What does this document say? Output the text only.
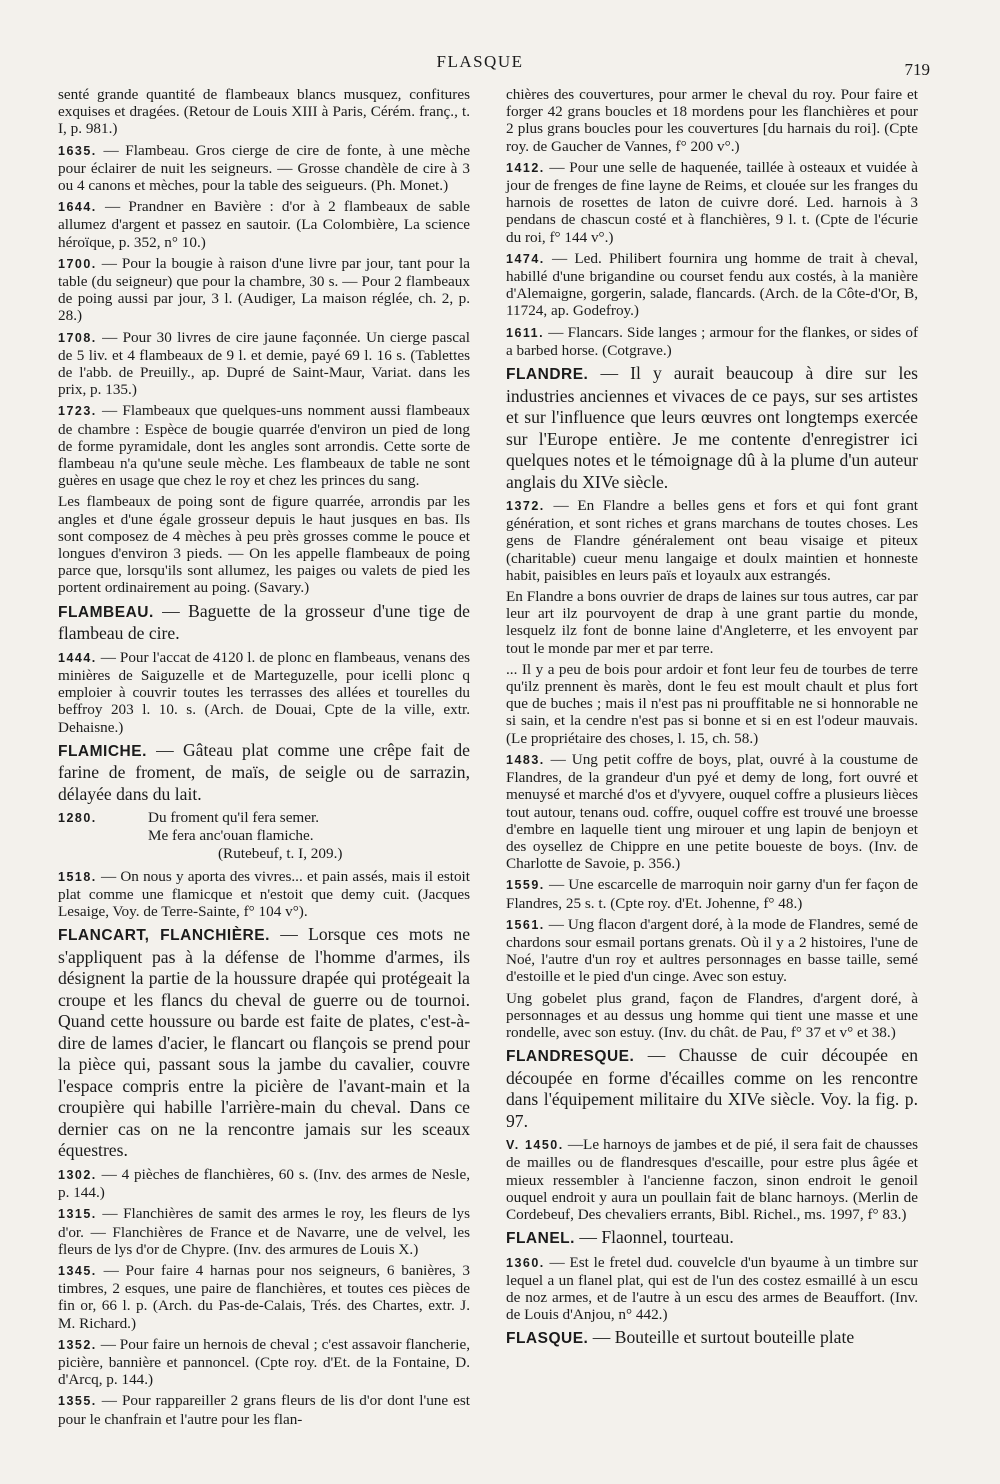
FLASQUE	719

senté grande quantité de flambeaux blancs musquez, confitures exquises et dragées. (Retour de Louis XIII à Paris, Cérém. franç., t. I, p. 981.)

1635. — Flambeau. Gros cierge de cire de fonte, à une mèche pour éclairer de nuit les seigneurs. — Grosse chandèle de cire à 3 ou 4 canons et mèches, pour la table des seigueurs. (Ph. Monet.)

1644. — Prandner en Bavière : d'or à 2 flambeaux de sable allumez d'argent et passez en sautoir. (La Colombière, La science héroïque, p. 352, n° 10.)

1700. — Pour la bougie à raison d'une livre par jour, tant pour la table (du seigneur) que pour la chambre, 30 s. — Pour 2 flambeaux de poing aussi par jour, 3 l. (Audiger, La maison réglée, ch. 2, p. 28.)

1708. — Pour 30 livres de cire jaune façonnée. Un cierge pascal de 5 liv. et 4 flambeaux de 9 l. et demie, payé 69 l. 16 s. (Tablettes de l'abb. de Preuilly., ap. Dupré de Saint-Maur, Variat. dans les prix, p. 135.)

1723. — Flambeaux que quelques-uns nomment aussi flambeaux de chambre : Espèce de bougie quarrée d'environ un pied de long de forme pyramidale, dont les angles sont arrondis. Cette sorte de flambeau n'a qu'une seule mèche. Les flambeaux de table ne sont guères en usage que chez le roy et chez les princes du sang.

Les flambeaux de poing sont de figure quarrée, arrondis par les angles et d'une égale grosseur depuis le haut jusques en bas. Ils sont composez de 4 mèches à peu près grosses comme le pouce et longues d'environ 3 pieds. — On les appelle flambeaux de poing parce que, lorsqu'ils sont allumez, les paiges ou valets de pied les portent ordinairement au poing. (Savary.)

FLAMBEAU. — Baguette de la grosseur d'une tige de flambeau de cire.

1444. — Pour l'accat de 4120 l. de plonc en flambeaus, venans des minières de Saiguzelle et de Marteguzelle, pour icelli plonc q emploier à couvrir toutes les terrasses des allées et tourelles du beffroy 203 l. 10. s. (Arch. de Douai, Cpte de la ville, extr. Dehaisne.)

FLAMICHE. — Gâteau plat comme une crêpe fait de farine de froment, de maïs, de seigle ou de sarrazin, délayée dans du lait.

1280.	Du froment qu'il fera semer.
Me fera anc'ouan flamiche.
(Rutebeuf, t. I, 209.)

1518. — On nous y aporta des vivres... et pain assés, mais il estoit plat comme une flamicque et n'estoit que demy cuit. (Jacques Lesaige, Voy. de Terre-Sainte, f° 104 v°).

FLANCART, FLANCHIÈRE. — Lorsque ces mots ne s'appliquent pas à la défense de l'homme d'armes, ils désignent la partie de la houssure drapée qui protégeait la croupe et les flancs du cheval de guerre ou de tournoi. Quand cette houssure ou barde est faite de plates, c'est-à-dire de lames d'acier, le flancart ou flançois se prend pour la pièce qui, passant sous la jambe du cavalier, couvre l'espace compris entre la picière de l'avant-main et la croupière qui habille l'arrière-main du cheval. Dans ce dernier cas on ne la rencontre jamais sur les sceaux équestres.

1302. — 4 pièches de flanchières, 60 s. (Inv. des armes de Nesle, p. 144.)

1315. — Flanchières de samit des armes le roy, les fleurs de lys d'or. — Flanchières de France et de Navarre, une de velvel, les fleurs de lys d'or de Chypre. (Inv. des armures de Louis X.)

1345. — Pour faire 4 harnas pour nos seigneurs, 6 banières, 3 timbres, 2 esques, une paire de flanchières, et toutes ces pièces de fin or, 66 l. p. (Arch. du Pas-de-Calais, Trés. des Chartes, extr. J. M. Richard.)

1352. — Pour faire un hernois de cheval ; c'est assavoir flancherie, picière, bannière et pannoncel. (Cpte roy. d'Et. de la Fontaine, D. d'Arcq, p. 144.)

1355. — Pour rappareiller 2 grans fleurs de lis d'or dont l'une est pour le chanfrain et l'autre pour les flan-

chières des couvertures, pour armer le cheval du roy. Pour faire et forger 42 grans boucles et 18 mordens pour les flanchières et pour 2 plus grans boucles pour les couvertures [du harnais du roi]. (Cpte roy. de Gaucher de Vannes, f° 200 v°.)

1412. — Pour une selle de haquenée, taillée à osteaux et vuidée à jour de frenges de fine layne de Reims, et clouée sur les franges du harnois de rosettes de laton de cuivre doré. Led. harnois à 3 pendans de chascun costé et à flanchières, 9 l. t. (Cpte de l'écurie du roi, f° 144 v°.)

1474. — Led. Philibert fournira ung homme de trait à cheval, habillé d'une brigandine ou courset fendu aux costés, à la manière d'Alemaigne, gorgerin, salade, flancards. (Arch. de la Côte-d'Or, B, 11724, ap. Godefroy.)

1611. — Flancars. Side langes ; armour for the flankes, or sides of a barbed horse. (Cotgrave.)

FLANDRE. — Il y aurait beaucoup à dire sur les industries anciennes et vivaces de ce pays, sur ses artistes et sur l'influence que leurs œuvres ont longtemps exercée sur l'Europe entière. Je me contente d'enregistrer ici quelques notes et le témoignage dû à la plume d'un auteur anglais du XIVe siècle.

1372. — En Flandre a belles gens et fors et qui font grant génération, et sont riches et grans marchans de toutes choses. Les gens de Flandre généralement ont beau visaige et piteux (charitable) cueur menu langaige et doulx maintien et honneste habit, paisibles en leurs païs et loyaulx aux estrangés.

En Flandre a bons ouvrier de draps de laines sur tous autres, car par leur art ilz pourvoyent de drap à une grant partie du monde, lesquelz ilz font de bonne laine d'Angleterre, et les envoyent par tout le monde par mer et par terre.

... Il y a peu de bois pour ardoir et font leur feu de tourbes de terre qu'ilz prennent ès marès, dont le feu est moult chault et plus fort que de buches ; mais il n'est pas ni prouffitable ne si honnorable ne si sain, et la cendre n'est pas si bonne et si en est l'odeur mauvais. (Le propriétaire des choses, l. 15, ch. 58.)

1483. — Ung petit coffre de boys, plat, ouvré à la coustume de Flandres, de la grandeur d'un pyé et demy de long, fort ouvré et menuysé et marché d'os et d'yvyere, ouquel coffre a plusieurs lièces tout autour, tenans oud. coffre, ouquel coffre est trouvé une broesse d'embre en laquelle tient ung mirouer et ung lapin de benjoyn et des oysellez de Chippre en une petite boueste de boys. (Inv. de Charlotte de Savoie, p. 356.)

1559. — Une escarcelle de marroquin noir garny d'un fer façon de Flandres, 25 s. t. (Cpte roy. d'Et. Johenne, f° 48.)

1561. — Ung flacon d'argent doré, à la mode de Flandres, semé de chardons sour esmail portans grenats. Où il y a 2 histoires, l'une de Noé, l'autre d'un roy et aultres personnages en basse taille, semé d'estoille et le pied d'un cinge. Avec son estuy.

Ung gobelet plus grand, façon de Flandres, d'argent doré, à personnages et au dessus ung homme qui tient une masse et une rondelle, avec son estuy. (Inv. du chât. de Pau, f° 37 et v° et 38.)

FLANDRESQUE. — Chausse de cuir découpée en découpée en forme d'écailles comme on les rencontre dans l'équipement militaire du XIVe siècle. Voy. la fig. p. 97.

V. 1450. —Le harnoys de jambes et de pié, il sera fait de chausses de mailles ou de flandresques d'escaille, pour estre plus âgée et mieux ressembler à l'ancienne faczon, sinon endroit le genoil ouquel endroit y aura un poullain fait de blanc harnoys. (Merlin de Cordebeuf, Des chevaliers errants, Bibl. Richel., ms. 1997, f° 83.)

FLANEL. — Flaonnel, tourteau.

1360. — Est le fretel dud. couvelcle d'un byaume à un timbre sur lequel a un flanel plat, qui est de l'un des costez esmaillé à un escu de noz armes, et de l'autre à un escu des armes de Beauffort. (Inv. de Louis d'Anjou, n° 442.)

FLASQUE. — Bouteille et surtout bouteille plate
